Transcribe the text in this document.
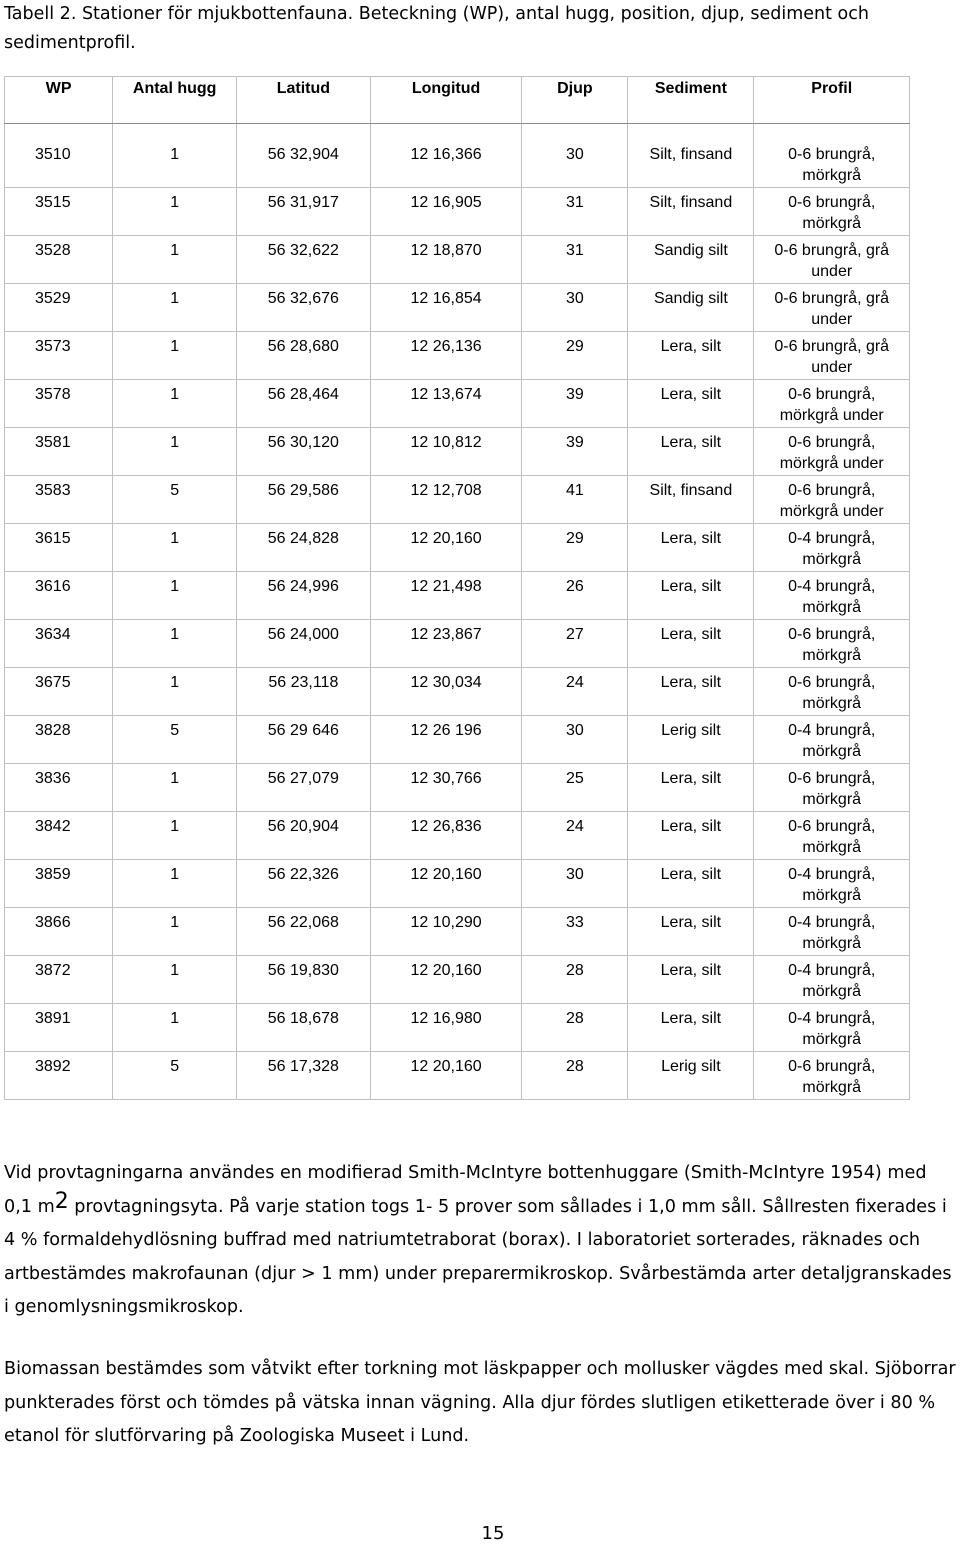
Tabell 2. Stationer för mjukbottenfauna. Beteckning (WP), antal hugg, position, djup, sediment och sedimentprofil.
WP	Antal hugg	Latitud	Longitud	Djup	Sediment	Profil
3510	1	56 32,904	12 16,366	30	Silt, finsand	0-6 brungrå, mörkgrå
3515	1	56 31,917	12 16,905	31	Silt, finsand	0-6 brungrå, mörkgrå
3528	1	56 32,622	12 18,870	31	Sandig silt	0-6 brungrå, grå under
3529	1	56 32,676	12 16,854	30	Sandig silt	0-6 brungrå, grå under
3573	1	56 28,680	12 26,136	29	Lera, silt	0-6 brungrå, grå under
3578	1	56 28,464	12 13,674	39	Lera, silt	0-6 brungrå, mörkgrå under
3581	1	56 30,120	12 10,812	39	Lera, silt	0-6 brungrå, mörkgrå under
3583	5	56 29,586	12 12,708	41	Silt, finsand	0-6 brungrå, mörkgrå under
3615	1	56 24,828	12 20,160	29	Lera, silt	0-4 brungrå, mörkgrå
3616	1	56 24,996	12 21,498	26	Lera, silt	0-4 brungrå, mörkgrå
3634	1	56 24,000	12 23,867	27	Lera, silt	0-6 brungrå, mörkgrå
3675	1	56 23,118	12 30,034	24	Lera, silt	0-6 brungrå, mörkgrå
3828	5	56 29 646	12 26 196	30	Lerig silt	0-4 brungrå, mörkgrå
3836	1	56 27,079	12 30,766	25	Lera, silt	0-6 brungrå, mörkgrå
3842	1	56 20,904	12 26,836	24	Lera, silt	0-6 brungrå, mörkgrå
3859	1	56 22,326	12 20,160	30	Lera, silt	0-4 brungrå, mörkgrå
3866	1	56 22,068	12 10,290	33	Lera, silt	0-4 brungrå, mörkgrå
3872	1	56 19,830	12 20,160	28	Lera, silt	0-4 brungrå, mörkgrå
3891	1	56 18,678	12 16,980	28	Lera, silt	0-4 brungrå, mörkgrå
3892	5	56 17,328	12 20,160	28	Lerig silt	0-6 brungrå, mörkgrå

Vid provtagningarna användes en modifierad Smith-McIntyre bottenhuggare (Smith-McIntyre 1954) med 0,1 $m^2$ provtagningsyta. På varje station togs 1- 5 prover som sållades i 1,0 mm såll. Sållresten fixerades i 4 % formaldehydlösning buffrad med natriumtetraborat (borax). I laboratoriet sorterades, räknades och artbestämdes makrofaunan (djur > 1 mm) under preparermikroskop. Svårbestämda arter detaljgranskades i genomlysningsmikroskop.

Biomassan bestämdes som våtvikt efter torkning mot läskpapper och mollusker vägdes med skal. Sjöborrar punkterades först och tömdes på vätska innan vägning. Alla djur fördes slutligen etiketterade över i 80 % etanol för slutförvaring på Zoologiska Museet i Lund.

15
